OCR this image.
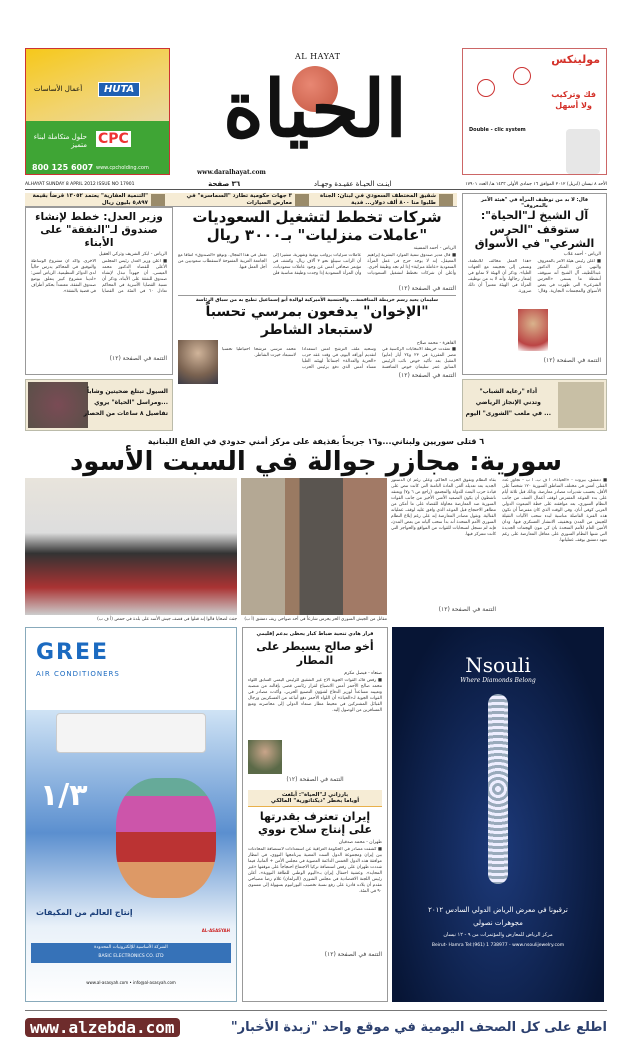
HUTA
أعمال الأساسات
CPC
حلول متكاملة لبناء متميز
800 125 6007 www.cpcholding.com
AL HAYAT
الحياة
www.daralhayat.com
مولينكس
فك وتركيب
ولا أسهل
Double - clic system
ALHAYAT SUNDAY 8 APRIL 2012 ISSUE NO 17901	٣٦ صفحة	اينـت الحيـاة عقيـدة وجهـاد	الأحد ٨ نيسان (ابريل) ٢٠١٢ الموافق ١٦ جمادى الأولى ١٤٣٣ هـ/ العدد ١٧٩٠١
شقيق المختطف السعودي في لبنان: الجناة طلبوا منا ٨٠٠ ألف دولار... فدية
٣ جهات حكومية تطارد "السماسرة" في معارض السيارات
"التنمية العقارية" يعتمد ١٣٠٥٢ قرضاً بقيمة ٥٫٨٩٧ بليون ريال	قال: لا بد من توظيف المرأة في "هيئة الأمر بالمعروف"
آل الشيخ لـ"الحياة": ستوقف "الحرس الشرعي" في الأسواق
الرياض - أحمد غلاب
■ أعلن رئيس هيئة الأمر بالمعروف والنهي عن المنكر الدكتور عبداللطيف آل الشيخ أنه سيوقف أنشطة ما يسمى «الحرس الشرعي» التي ظهرت في بعض الأسواق والمجمعات التجارية. وقال: «هذا العمل مخالف للأنظمة، ونسعى إلى تحجيمه مع الجهات العليا». وذكر أن الهيئة لا تمانع في إشعار رجالها، وأنه لا بد من توظيف المرأة في الهيئة معتبراً أن ذلك ضرورة.
التتمة في الصفحة (١٢)
شركات تخطط لتشغيل السعوديات "عاملات منزليات" بـ٣٠٠٠ ريال
الرياض - أحمد المسيند
■ قال مدير صندوق تنمية الموارد البشرية إبراهيم المعيقل، إنه لا يوجد حرج في عمل المرأة السعودية «عاملة منزلية» إذا لم تجد وظيفة أخرى. وأعلن أن شركات تخطط لتشغيل السعوديات عاملات منزليات برواتب يومية وشهرية، مشيراً إلى أن الراتب سيبلغ نحو ٣ آلاف ريال. وكشف في مؤتمر صحافي أمس عن وجود عاملات سعوديات، وأن المرأة السعودية إذا وجدت وظيفة مناسبة فلن تعمل في هذا المجال. وتوقع «الصندوق» اتفاقاً مع الجامعة العربية المفتوحة لاستقطاب سعوديين من أجل العمل فيها.
التتمة في الصفحة (١٢)
وزير العدل: خطط لإنشاء صندوق لـ"النفقة" على الأبناء
الرياض - ابكر الشريف وتركي العقيل
■ أعلن وزير العدل رئيس المجلس الأعلى للقضاء الدكتور محمد العيسى، أن جهوداً تبذل لإنشاء صندوق للنفقة على الأبناء، وذكر أن نسبة القضايا الأسرية في المحاكم تعادل ٦٠ في المئة من القضايا الأخرى. وأكد أن مشروع الوساطة والتوفيق في المحاكم يدرس حالياً لدى الدوائر التنظيمية. الرياض أمس: «لدينا مشروع كبير يتعلق بوضع صندوق النفقة، معتمداً بحكم أطراف في قضية بالنفقة».
التتمة في الصفحة (١٢)
سليمان يعيد رسم خريطة المنافسة... والجنسية الأميركية لوالدة أبو إسماعيل تطيح به من سباق الرئاسة
"الإخوان" يدفعون بمرسي تحسباً لاستبعاد الشاطر
القاهرة - محمد صلاح
■ تعقدت خريطة الانتخابات الرئاسية في مصر المقررة في ٢٣ و٢٤ أيار (مايو) المقبل بعد تأكيد خوض نائب الرئيس السابق عمر سليمان خوض المنافسة وسحبه ملف الترشح أمس استعداداً لتقديم أوراقه اليوم، في وقت عقد حزب «الحرية والعدالة» اجتماعاً لهيئته العليا مساء أمس الذي دفع برئيس الحزب محمد مرسي مرشحاً احتياطياً تحسباً لاستبعاد خيرت الشاطر.
التتمة في الصفحة (١٢)
السيول تبتلع ضحيتين وشاباً
...ومراسل "الحياة" يروي
تفاصيل ٨ ساعات من الحصار
أداء "رعاية الشباب"
وتدني الإنجاز الرياضي
... في ملعب "الشورى" اليوم
٦ قتلى سوريين ولبناني...و١٦ جريحاً بقذيفة على مركز أمني حدودي في القاع اللبنانية
سورية: مجازر جوالة في السبت الأسود
جثث لضحايا قالوا إنه قتلوا في قصف جيش الأسد على بلدة في حمص (أ ف ب)	مقاتل من الجيش السوري الحر يحرس شارعاً في أحد ضواحي ريف دمشق (أ ب)
■ دمشق، بيروت - «الحياة»، أ ف ب، أ ب - تجاوز عدد القتلى أمس في مختلف المناطق السورية ١٢٠ شخصاً على الأقل، بحسب تقديرات مصادر معارضة، وذلك قبل ثلاثة أيام على بدء الموعد المفترض لوقف أعمال العنف من جانب النظام السوري، بعد موافقته على خطة المبعوث الدولي العربي كوفي أنان. وفي الوقت الذي كان مفترضاً أن تكون هذه الفترة الفاصلة مناسبة لبدء سحب الآليات الثقيلة للجيش من المدن وتخفيف الانتشار العسكري فيها. ودان الأمين العام للأمم المتحدة بان كي مون الهجمات الجديدة التي شنها النظام السوري على معاقل المعارضة على رغم تعهد دمشق بوقف عملياتها.
بقاء النظام وتفوق الحزب الحاكم، وعلى رغم أن الدستور الجديد بعد تعديله ألغى المادة الثامنة التي كانت تنص على قيادة حزب البعث للدولة والمجتمع. (راجع ص ٦ و٧) ويعتقد ناشطون أن يكون التصعيد الأمني الأخير من جانب القوات السورية ضد المعارضة محاولة للقضاء على ما أمكن من مظاهر الاحتجاج قبل الموعد الذي وافق عليه لوقف عملياته القتالية. وتقول مصادر المعارضة إنه على رغم إبلاغ النظام السوري الأمم المتحدة أنه بدأ سحب آلياته من بعض المدن، فإنه لم تسجل انسحابات للقوات من المواقع والحواجز التي كانت تتمركز فيها.
التتمة في الصفحة (١٢)
GREE
AIR CONDITIONERS
١/٣
إنتاج العالم من المكيفات
الشركة الأساسية للإلكترونيات المحدودة
BASIC ELECTRONICS CO. LTD
AL-ASASYAH
www.al-asasyah.com • info@al-asasyah.com
قرار هادي تنحية ضباط كبار يحظى بدعم إقليمي
أخو صالح يسيطر على المطار
صنعاء - فيصل مكرم
■ رفض قائد القوات الجوية الأخ غير الشقيق للرئيس اليمني السابق اللواء محمد صالح الأحمر أمس الانصياع لقرار رئاسي قضى بإقالته من منصبه وتعيينه مساعداً لوزير الدفاع لشؤون التصنيع الحربي. وأكدت مصادر في القوات الجوية لـ«الحياة» أن اللواء الأحمر دفع أتباعه من العسكريين ورجال القبائل المشتركين في محيط مطار صنعاء الدولي إلى محاصرته ومنع المسافرين من الوصول إليه.
التتمة في الصفحة (١٢)
بارزاني لـ"الحياة": أبلغت
أوباما بخطر "ديكتاتورية" المالكي
إيران تعترف بقدرتها على إنتاج سلاح نووي
طهران - محمد صدقيان
■ كشفت مصادر في الحكومة العراقية عن استعدادات لاستضافة المحادثات بين إيران ومجموعة الدول الست المعنية ببرنامجها النووي، في انتظار موافقة هذه الدول الخمس الدائمة العضوية في مجلس الأمن + ألمانيا، فيما شددت طهران على رفض استضافة تركيا الاجتماع احتجاجاً على موقفها «غير المحايد». وعشية احتفال إيران بـ«اليوم الوطني للطاقة النووية»، أعلن رئيس اللجنة الاقتصادية في مجلس الشورى (البرلمان) غلام رضا مصباحي مقدم أن بلاده قادرة على رفع نسبة تخصيب اليورانيوم بسهولة إلى مستوى ٩٠ في المئة.
التتمة في الصفحة (١٢)
Nsouli
Where Diamonds Belong
ترقبونا في معرض الرياض الدولي السادس ٢٠١٢
مجوهرات نصولي
مركز الرياض للمعارض والمؤتمرات من ٩ - ١٢ نيسان
Beirut- Hamra Tel:(961) 1 738977 - www.nsoulijewelry.com
اطلع على كل الصحف اليومية في موقع واحد "زبدة الأخبار"
www.alzebda.com
